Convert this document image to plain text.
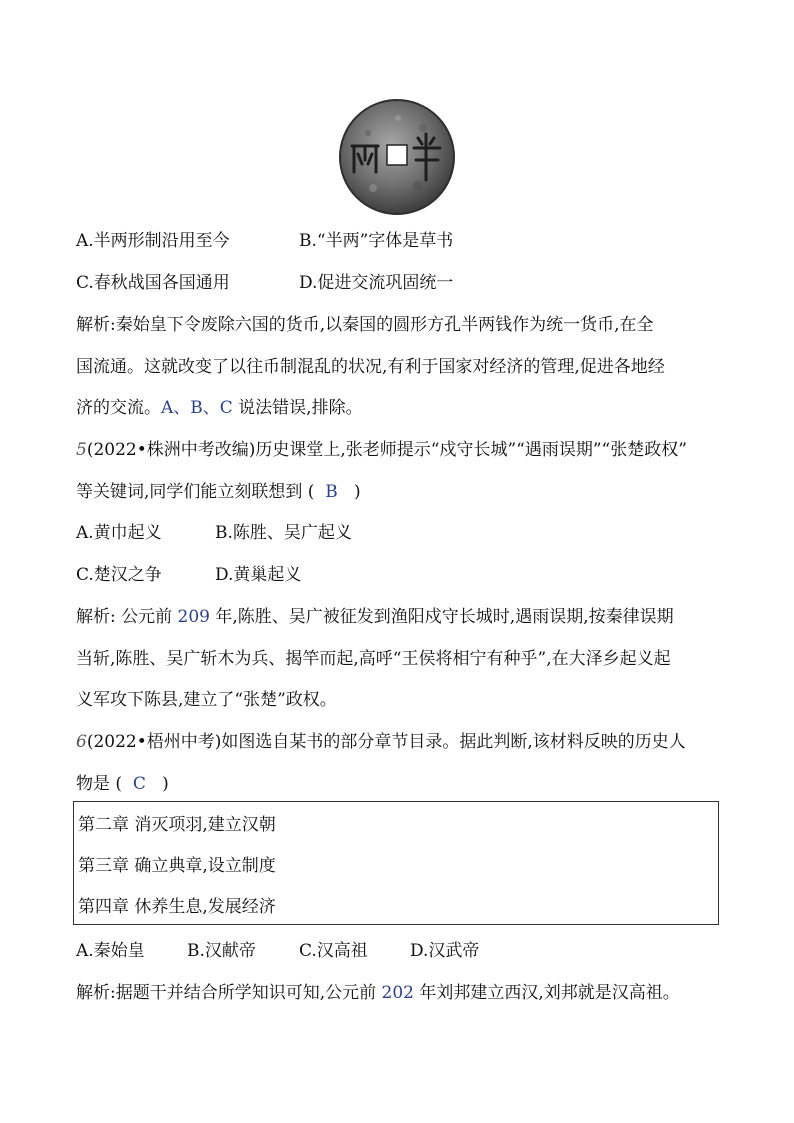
A.半两形制沿用至今	B.“半两”字体是草书
C.春秋战国各国通用	D.促进交流巩固统一
解析:秦始皇下令废除六国的货币,以秦国的圆形方孔半两钱作为统一货币,在全
国流通。这就改变了以往币制混乱的状况,有利于国家对经济的管理,促进各地经
济的交流。A、B、C 说法错误,排除。
5(2022•株洲中考改编)历史课堂上,张老师提示“戍守长城”“遇雨误期”“张楚政权”
等关键词,同学们能立刻联想到 ( B )
A.黄巾起义	B.陈胜、吴广起义
C.楚汉之争	D.黄巢起义
解析: 公元前 209 年,陈胜、吴广被征发到渔阳戍守长城时,遇雨误期,按秦律误期
当斩,陈胜、吴广斩木为兵、揭竿而起,高呼“王侯将相宁有种乎”,在大泽乡起义起
义军攻下陈县,建立了“张楚”政权。
6(2022•梧州中考)如图选自某书的部分章节目录。据此判断,该材料反映的历史人
物是 ( C )
第二章 消灭项羽,建立汉朝
第三章 确立典章,设立制度
第四章 休养生息,发展经济
A.秦始皇 B.汉献帝	C.汉高祖 D.汉武帝
解析:据题干并结合所学知识可知,公元前 202 年刘邦建立西汉,刘邦就是汉高祖。
